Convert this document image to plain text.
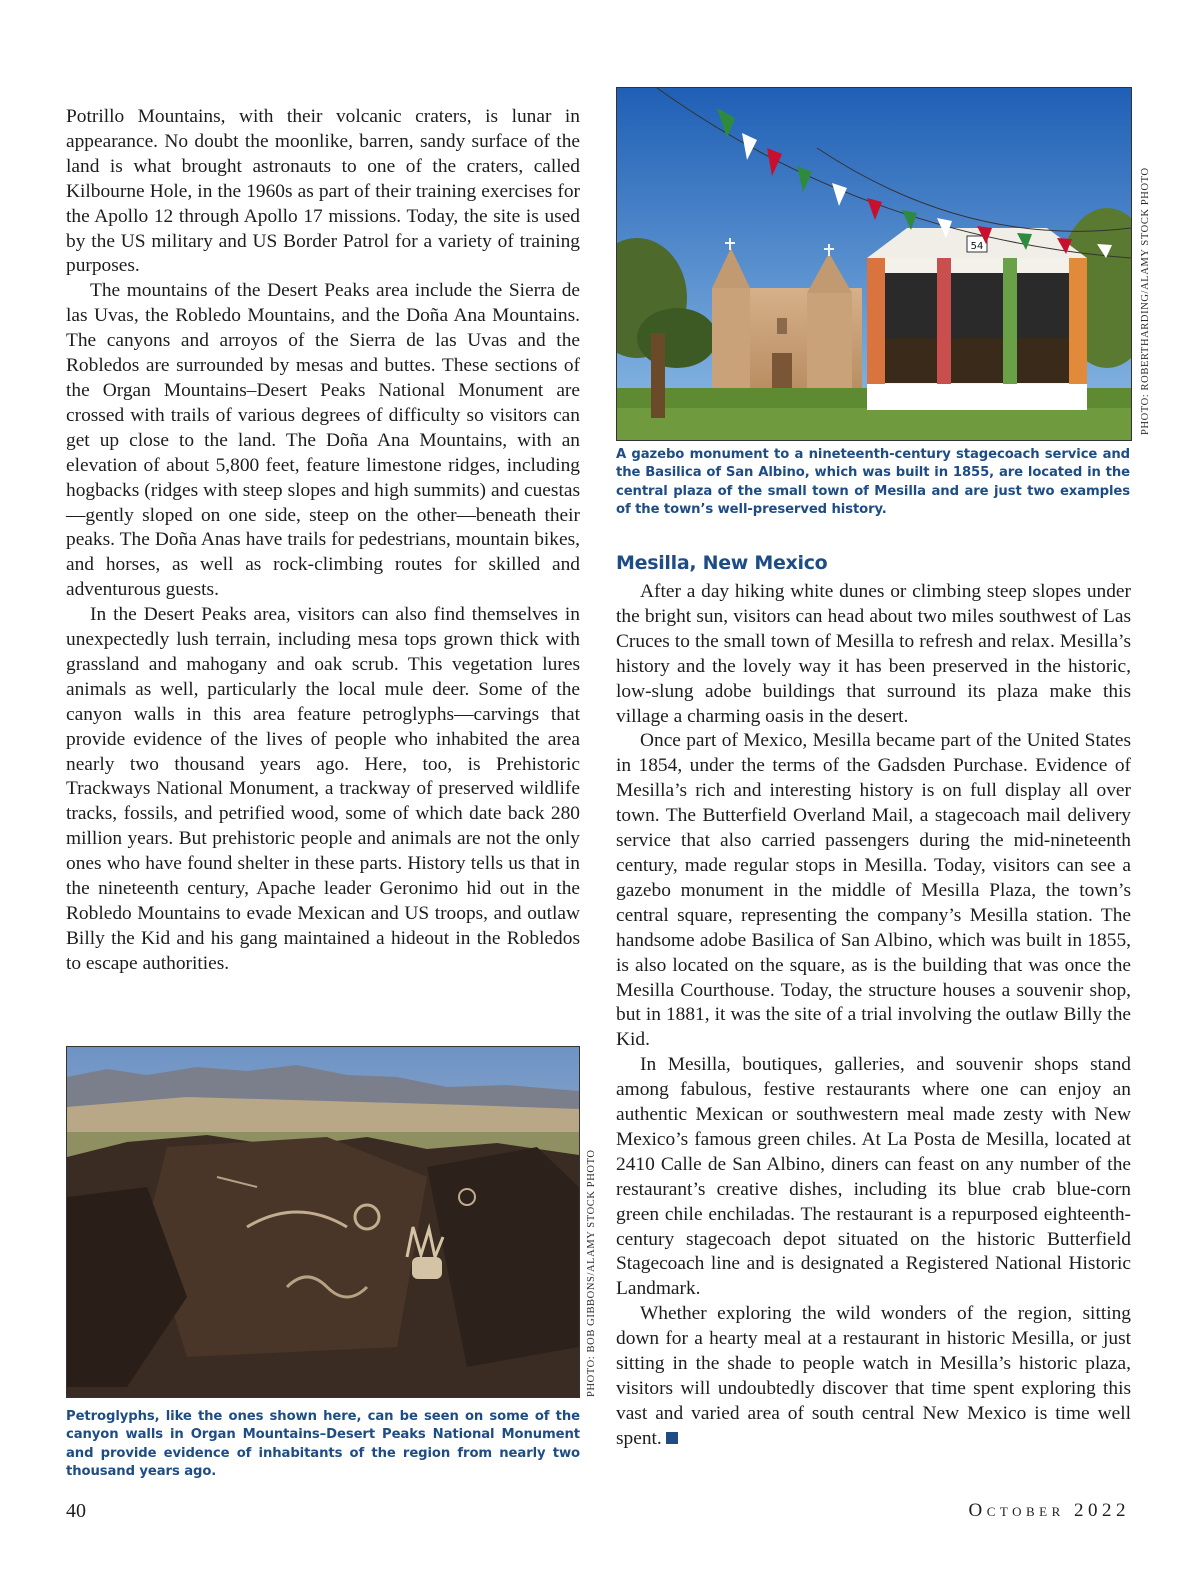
Potrillo Mountains, with their volcanic craters, is lunar in appearance. No doubt the moonlike, barren, sandy surface of the land is what brought astronauts to one of the craters, called Kilbourne Hole, in the 1960s as part of their training exercises for the Apollo 12 through Apollo 17 missions. Today, the site is used by the US military and US Border Patrol for a variety of training purposes.

The mountains of the Desert Peaks area include the Sierra de las Uvas, the Robledo Mountains, and the Doña Ana Mountains. The canyons and arroyos of the Sierra de las Uvas and the Robledos are surrounded by mesas and buttes. These sections of the Organ Mountains–Desert Peaks National Monument are crossed with trails of various degrees of difficulty so visitors can get up close to the land. The Doña Ana Mountains, with an elevation of about 5,800 feet, feature limestone ridges, including hogbacks (ridges with steep slopes and high summits) and cuestas—gently sloped on one side, steep on the other—beneath their peaks. The Doña Anas have trails for pedestrians, mountain bikes, and horses, as well as rock-climbing routes for skilled and adventurous guests.

In the Desert Peaks area, visitors can also find themselves in unexpectedly lush terrain, including mesa tops grown thick with grassland and mahogany and oak scrub. This vegetation lures animals as well, particularly the local mule deer. Some of the canyon walls in this area feature petroglyphs—carvings that provide evidence of the lives of people who inhabited the area nearly two thousand years ago. Here, too, is Prehistoric Trackways National Monument, a trackway of preserved wildlife tracks, fossils, and petrified wood, some of which date back 280 million years. But prehistoric people and animals are not the only ones who have found shelter in these parts. History tells us that in the nineteenth century, Apache leader Geronimo hid out in the Robledo Mountains to evade Mexican and US troops, and outlaw Billy the Kid and his gang maintained a hideout in the Robledos to escape authorities.

54	PHOTO: ROBERTHARDING/ALAMY STOCK PHOTO

A gazebo monument to a nineteenth-century stagecoach service and the Basilica of San Albino, which was built in 1855, are located in the central plaza of the small town of Mesilla and are just two examples of the town’s well-preserved history.

Mesilla, New Mexico

After a day hiking white dunes or climbing steep slopes under the bright sun, visitors can head about two miles southwest of Las Cruces to the small town of Mesilla to refresh and relax. Mesilla’s history and the lovely way it has been preserved in the historic, low-slung adobe buildings that surround its plaza make this village a charming oasis in the desert.

Once part of Mexico, Mesilla became part of the United States in 1854, under the terms of the Gadsden Purchase. Evidence of Mesilla’s rich and interesting history is on full display all over town. The Butterfield Overland Mail, a stagecoach mail delivery service that also carried passengers during the mid-nineteenth century, made regular stops in Mesilla. Today, visitors can see a gazebo monument in the middle of Mesilla Plaza, the town’s central square, representing the company’s Mesilla station. The handsome adobe Basilica of San Albino, which was built in 1855, is also located on the square, as is the building that was once the Mesilla Courthouse. Today, the structure houses a souvenir shop, but in 1881, it was the site of a trial involving the outlaw Billy the Kid.

In Mesilla, boutiques, galleries, and souvenir shops stand among fabulous, festive restaurants where one can enjoy an authentic Mexican or southwestern meal made zesty with New Mexico’s famous green chiles. At La Posta de Mesilla, located at 2410 Calle de San Albino, diners can feast on any number of the restaurant’s creative dishes, including its blue crab blue-corn green chile enchiladas. The restaurant is a repurposed eighteenth-century stagecoach depot situated on the historic Butterfield Stagecoach line and is designated a Registered National Historic Landmark.

Whether exploring the wild wonders of the region, sitting down for a hearty meal at a restaurant in historic Mesilla, or just sitting in the shade to people watch in Mesilla’s historic plaza, visitors will undoubtedly discover that time spent exploring this vast and varied area of south central New Mexico is time well spent.

PHOTO: BOB GIBBONS/ALAMY STOCK PHOTO

Petroglyphs, like the ones shown here, can be seen on some of the canyon walls in Organ Mountains–Desert Peaks National Monument and provide evidence of inhabitants of the region from nearly two thousand years ago.

40	October 2022
